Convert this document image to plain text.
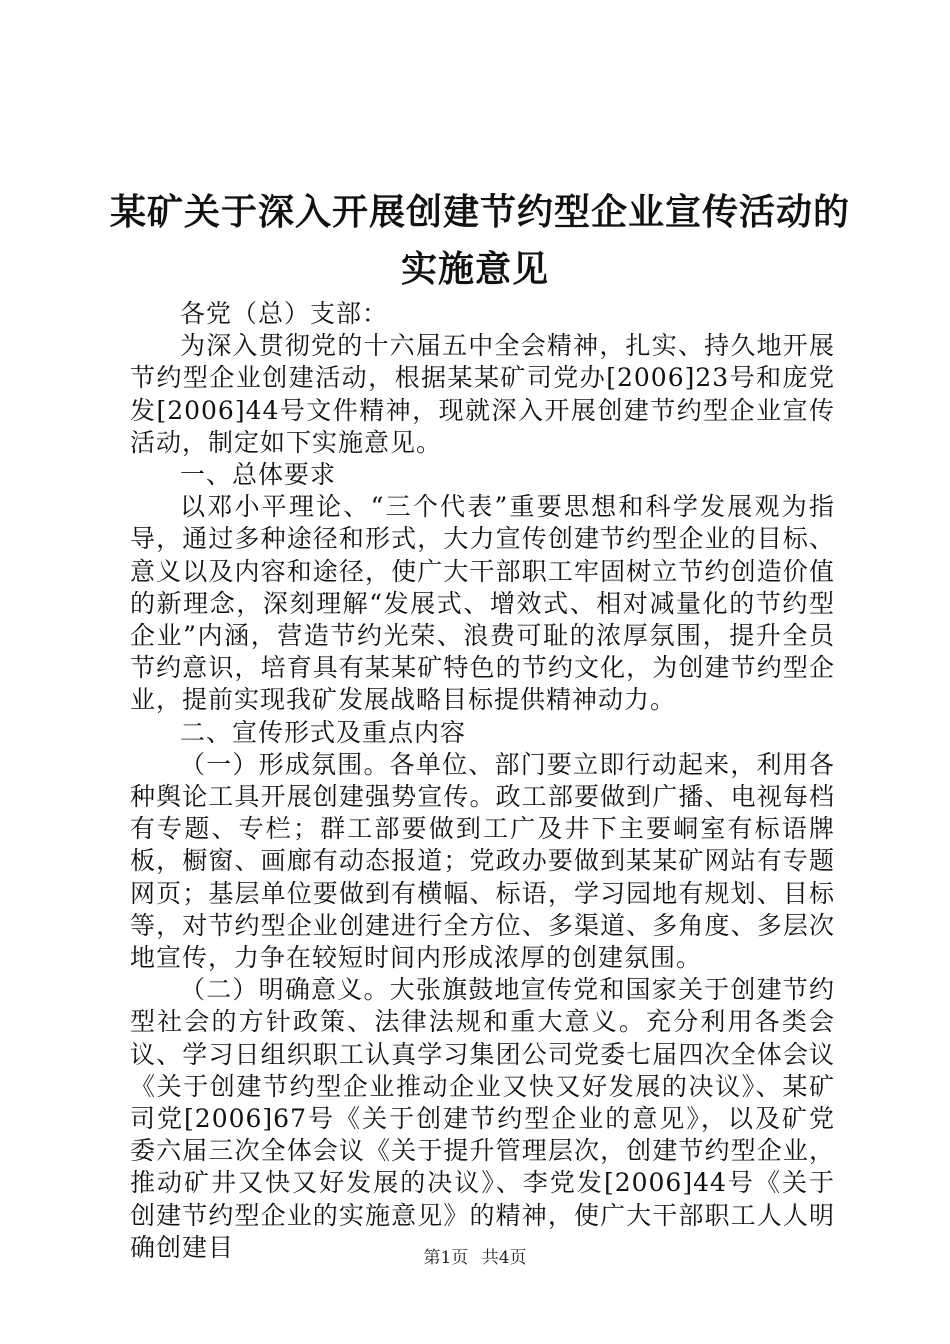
某矿关于深入开展创建节约型企业宣传活动的
实施意见

各党（总）支部：

为深入贯彻党的十六届五中全会精神，扎实、持久地开展节约型企业创建活动，根据某某矿司党办[2006]23号和庞党发[2006]44号文件精神，现就深入开展创建节约型企业宣传活动，制定如下实施意见。

一、总体要求

以邓小平理论、“三个代表”重要思想和科学发展观为指导，通过多种途径和形式，大力宣传创建节约型企业的目标、意义以及内容和途径，使广大干部职工牢固树立节约创造价值的新理念，深刻理解“发展式、增效式、相对减量化的节约型企业”内涵，营造节约光荣、浪费可耻的浓厚氛围，提升全员节约意识，培育具有某某矿特色的节约文化，为创建节约型企业，提前实现我矿发展战略目标提供精神动力。

二、宣传形式及重点内容

（一）形成氛围。各单位、部门要立即行动起来，利用各种舆论工具开展创建强势宣传。政工部要做到广播、电视每档有专题、专栏；群工部要做到工广及井下主要峒室有标语牌板，橱窗、画廊有动态报道；党政办要做到某某矿网站有专题网页；基层单位要做到有横幅、标语，学习园地有规划、目标等，对节约型企业创建进行全方位、多渠道、多角度、多层次地宣传，力争在较短时间内形成浓厚的创建氛围。

（二）明确意义。大张旗鼓地宣传党和国家关于创建节约型社会的方针政策、法律法规和重大意义。充分利用各类会议、学习日组织职工认真学习集团公司党委七届四次全体会议《关于创建节约型企业推动企业又快又好发展的决议》、某矿司党[2006]67号《关于创建节约型企业的意见》，以及矿党委六届三次全体会议《关于提升管理层次，创建节约型企业，推动矿井又快又好发展的决议》、李党发[2006]44号《关于创建节约型企业的实施意见》的精神，使广大干部职工人人明确创建目	第1页 共4页
